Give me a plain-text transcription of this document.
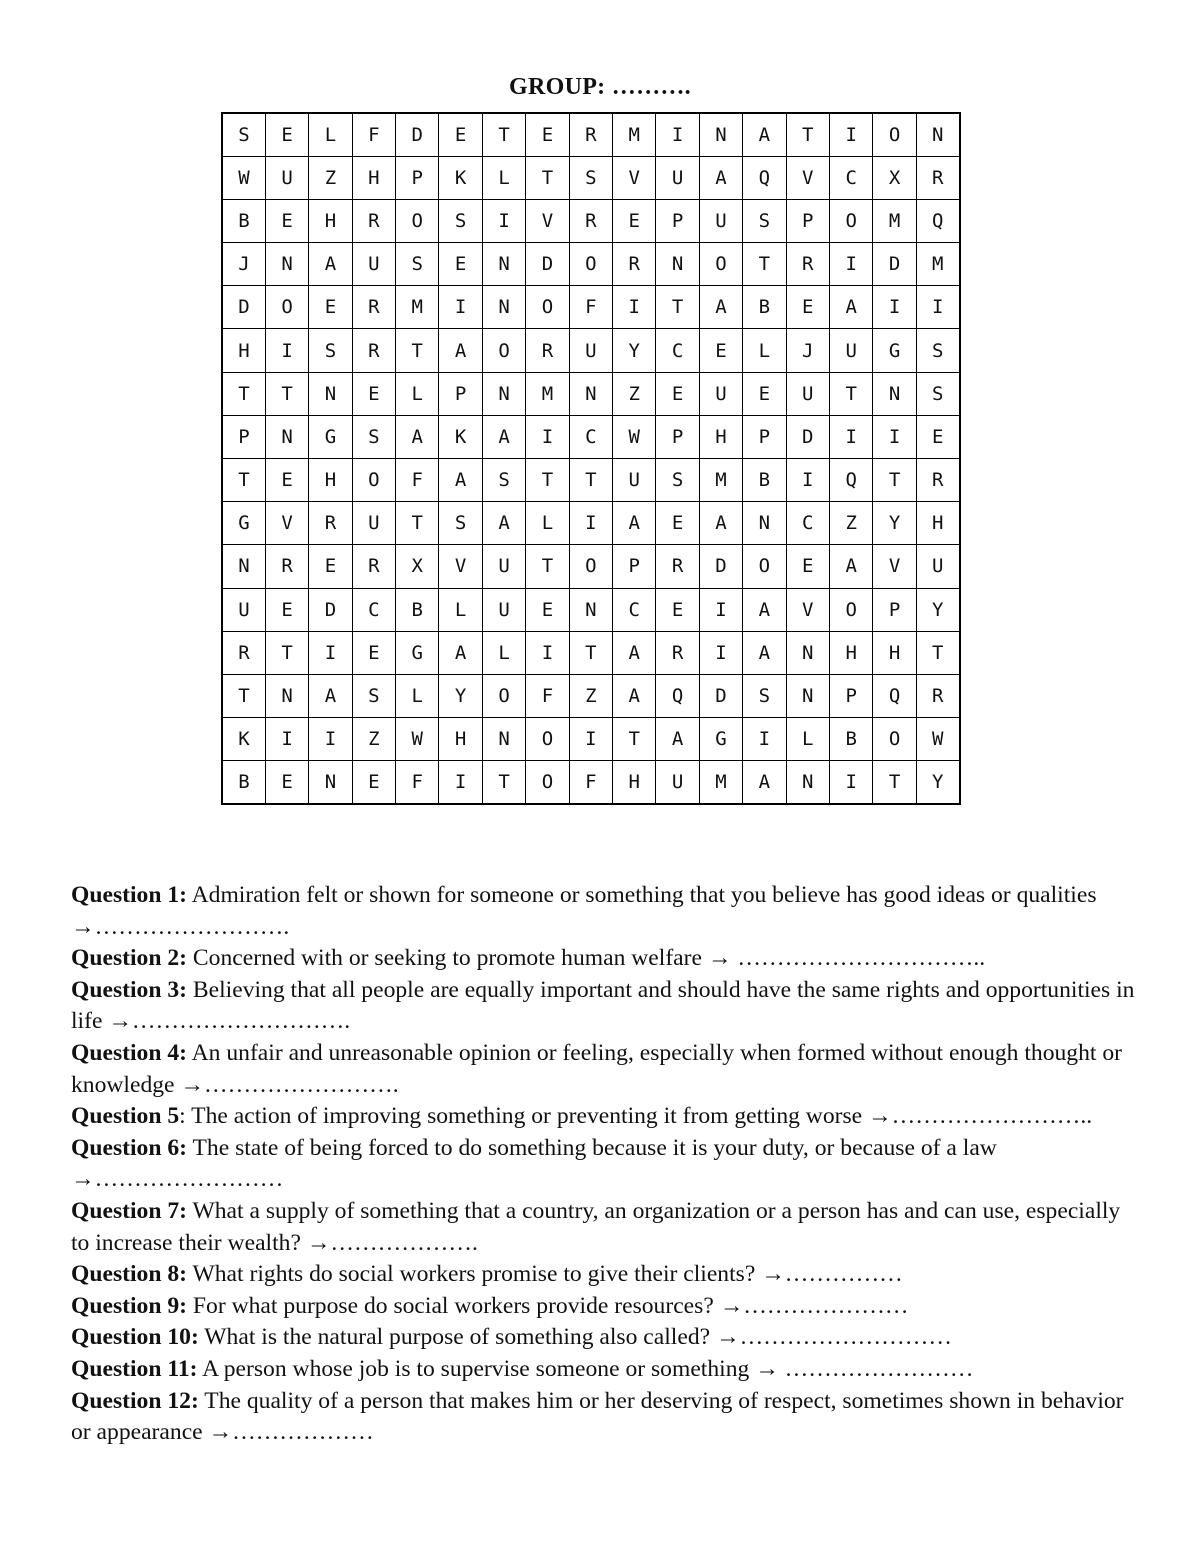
GROUP: ……….
S	E	L	F	D	E	T	E	R	M	I	N	A	T	I	O	N
W	U	Z	H	P	K	L	T	S	V	U	A	Q	V	C	X	R
B	E	H	R	O	S	I	V	R	E	P	U	S	P	O	M	Q
J	N	A	U	S	E	N	D	O	R	N	O	T	R	I	D	M
D	O	E	R	M	I	N	O	F	I	T	A	B	E	A	I	I
H	I	S	R	T	A	O	R	U	Y	C	E	L	J	U	G	S
T	T	N	E	L	P	N	M	N	Z	E	U	E	U	T	N	S
P	N	G	S	A	K	A	I	C	W	P	H	P	D	I	I	E
T	E	H	O	F	A	S	T	T	U	S	M	B	I	Q	T	R
G	V	R	U	T	S	A	L	I	A	E	A	N	C	Z	Y	H
N	R	E	R	X	V	U	T	O	P	R	D	O	E	A	V	U
U	E	D	C	B	L	U	E	N	C	E	I	A	V	O	P	Y
R	T	I	E	G	A	L	I	T	A	R	I	A	N	H	H	T
T	N	A	S	L	Y	O	F	Z	A	Q	D	S	N	P	Q	R
K	I	I	Z	W	H	N	O	I	T	A	G	I	L	B	O	W
B	E	N	E	F	I	T	O	F	H	U	M	A	N	I	T	Y

Question 1: Admiration felt or shown for someone or something that you believe has good ideas or qualities →…………………….

Question 2: Concerned with or seeking to promote human welfare → …………………………..

Question 3: Believing that all people are equally important and should have the same rights and opportunities in life →……………………….

Question 4: An unfair and unreasonable opinion or feeling, especially when formed without enough thought or knowledge →…………………….

Question 5: The action of improving something or preventing it from getting worse →……………………..

Question 6: The state of being forced to do something because it is your duty, or because of a law →……………………

Question 7: What a supply of something that a country, an organization or a person has and can use, especially to increase their wealth? →……………….

Question 8: What rights do social workers promise to give their clients? →……………

Question 9: For what purpose do social workers provide resources? →…………………

Question 10: What is the natural purpose of something also called? →………………………

Question 11: A person whose job is to supervise someone or something → ……………………

Question 12: The quality of a person that makes him or her deserving of respect, sometimes shown in behavior or appearance →………………
